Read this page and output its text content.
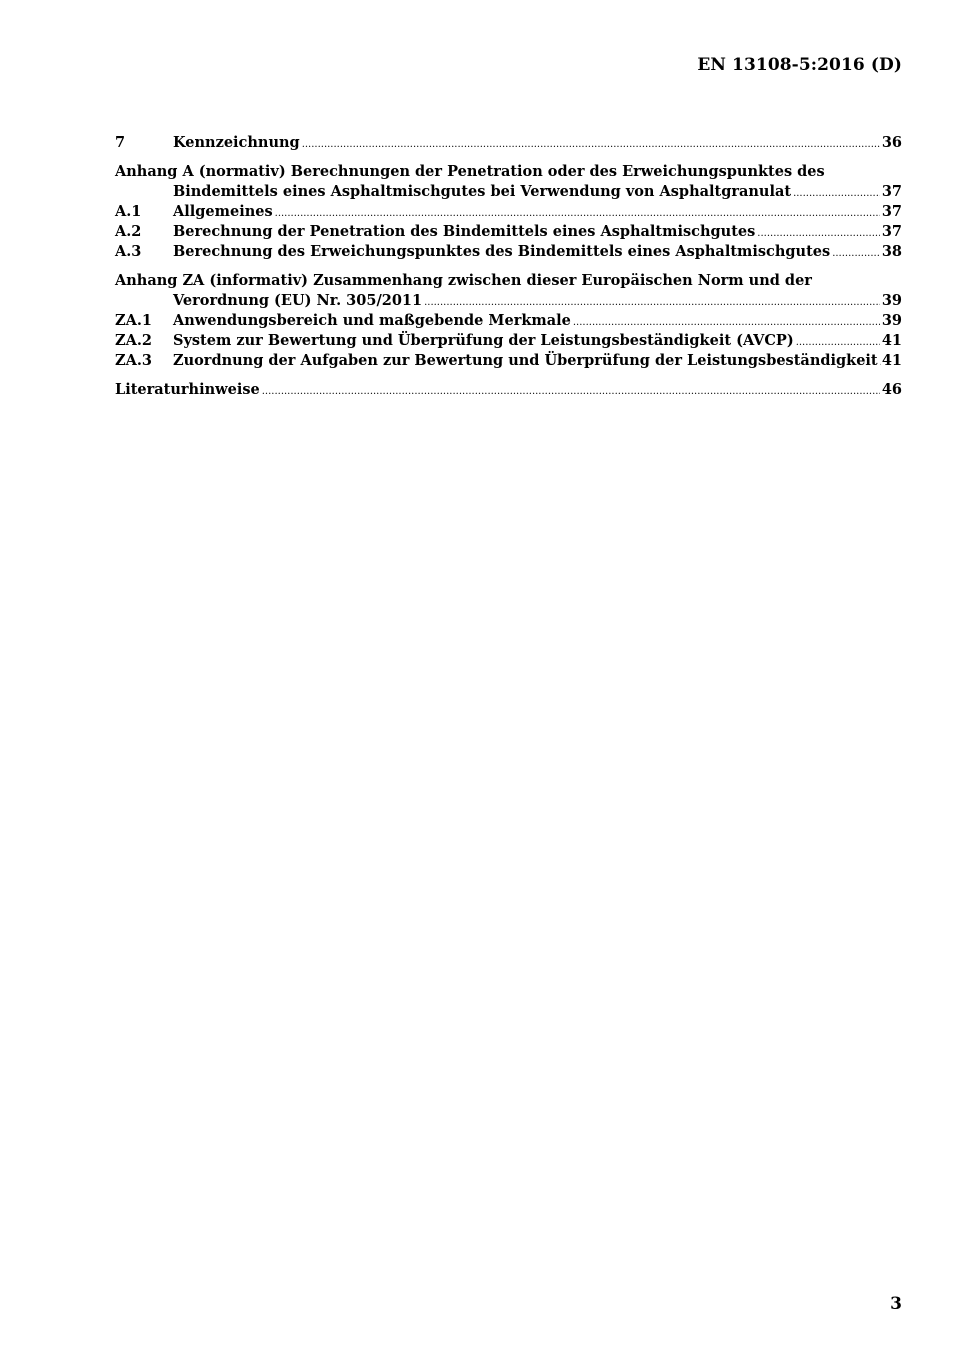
EN 13108-5:2016 (D)
7	Kennzeichnung .....	36
Anhang A (normativ) Berechnungen der Penetration oder des Erweichungspunktes des
Bindemittels eines Asphaltmischgutes bei Verwendung von Asphaltgranulat .....	37
A.1	Allgemeines .....	37
A.2	Berechnung der Penetration des Bindemittels eines Asphaltmischgutes .....	37
A.3	Berechnung des Erweichungspunktes des Bindemittels eines Asphaltmischgutes .....	38
Anhang ZA (informativ) Zusammenhang zwischen dieser Europäischen Norm und der
Verordnung (EU) Nr. 305/2011 .....	39
ZA.1	Anwendungsbereich und maßgebende Merkmale .....	39
ZA.2	System zur Bewertung und Überprüfung der Leistungsbeständigkeit (AVCP) .....	41
ZA.3	Zuordnung der Aufgaben zur Bewertung und Überprüfung der Leistungsbeständigkeit ..... 41
Literaturhinweise .....	46
3
